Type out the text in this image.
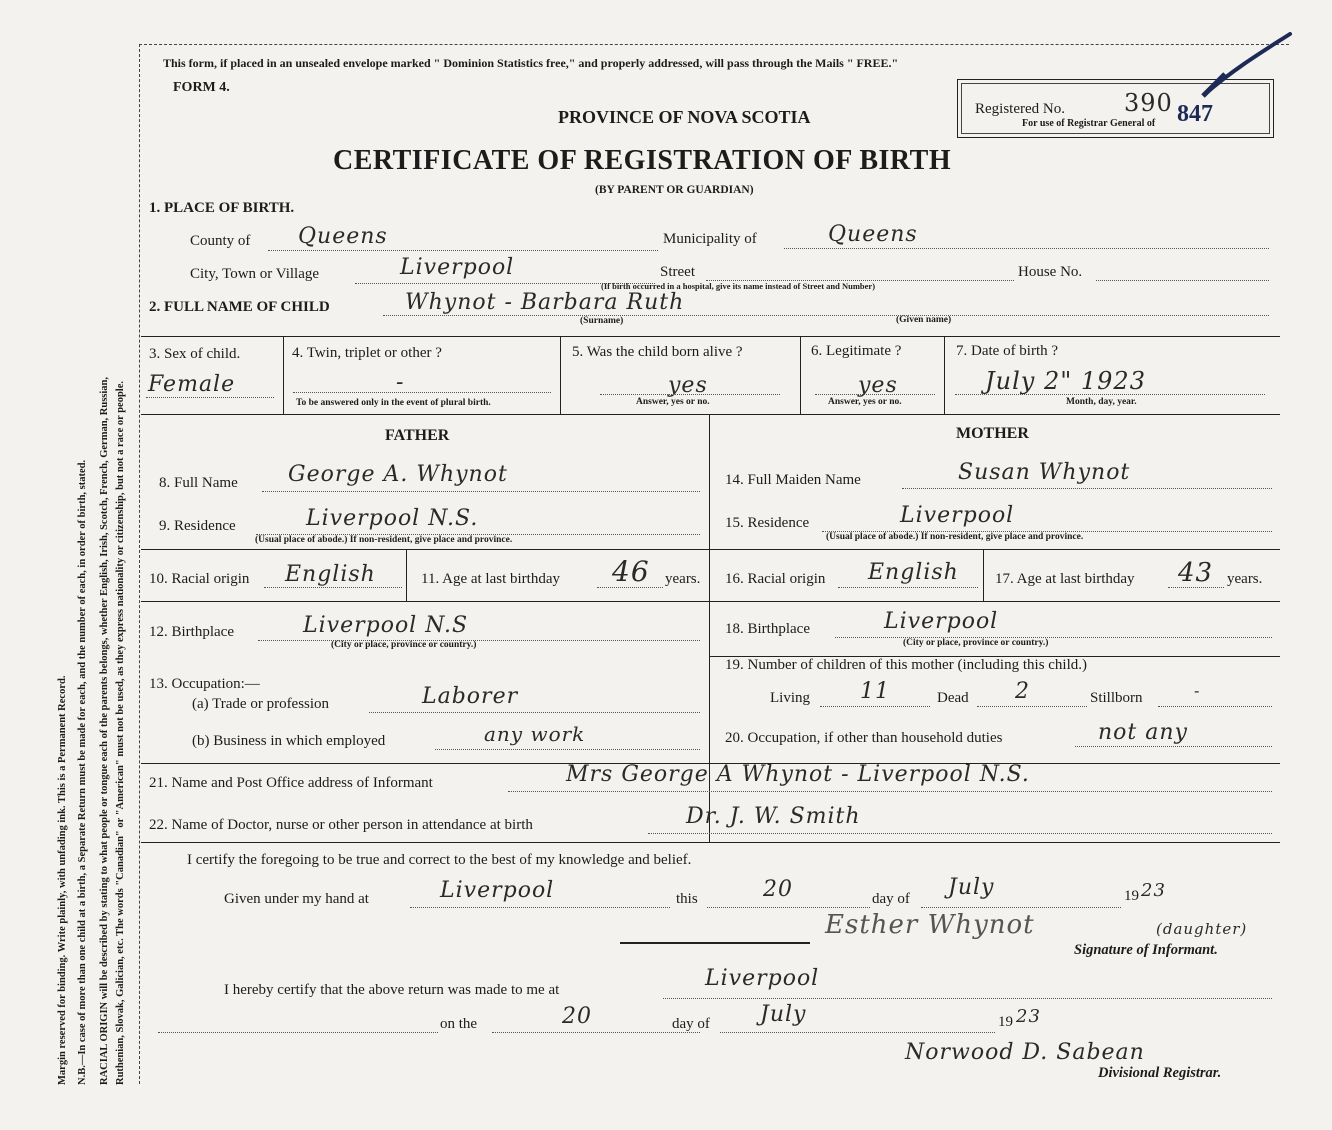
Margin reserved for binding. Write plainly, with unfading ink. This is a Permanent Record. N.B.—In case of more than one child at a birth, a Separate Return must be made for each, and the number of each, in order of birth, stated. RACIAL ORIGIN will be described by stating to what people or tongue each of the parents belongs, whether English, Irish, Scotch, French, German, Russian, Ruthenian, Slovak, Galician, etc. The words "Canadian" or "American" must not be used, as they express nationality or citizenship, but not a race or people.
This form, if placed in an unsealed envelope marked " Dominion Statistics free," and properly addressed, will pass through the Mails " FREE."
FORM 4.
PROVINCE OF NOVA SCOTIA
CERTIFICATE OF REGISTRATION OF BIRTH
(BY PARENT OR GUARDIAN)
Registered No. 390 847
For use of Registrar General of
1. PLACE OF BIRTH.
County of Queens	Municipality of	Queens
City, Town or Village	Liverpool	Street
(If birth occurred in a hospital, give its name instead of Street and Number)
House No.
2. FULL NAME OF CHILD	Whynot - Barbara Ruth
(Surname)	(Given name)
3. Sex of child.
Female
4. Twin, triplet or other ?
-
To be answered only in the event of plural birth.
5. Was the child born alive ?
yes
Answer, yes or no.
6. Legitimate ?
yes
Answer, yes or no.
7. Date of birth ?
July 2" 1923
Month, day, year.
FATHER
8. Full Name George A. Whynot
9. Residence	Liverpool N.S.
(Usual place of abode.) If non-resident, give place and province.
10. Racial origin English	11. Age at last birthday 46 years.
12. Birthplace	Liverpool N.S
(City or place, province or country.)
13. Occupation:—
(a) Trade or profession	Laborer
(b) Business in which employed	any work
MOTHER
14. Full Maiden Name	Susan Whynot
15. Residence	Liverpool
(Usual place of abode.) If non-resident, give place and province.
16. Racial origin English 17. Age at last birthday 43 years.
18. Birthplace	Liverpool
(City or place, province or country.)
19. Number of children of this mother (including this child.)
Living 11	Dead 2	Stillborn	-
20. Occupation, if other than household duties	not any
21. Name and Post Office address of Informant	Mrs George A Whynot - Liverpool N.S.
22. Name of Doctor, nurse or other person in attendance at birth	Dr. J. W. Smith
I certify the foregoing to be true and correct to the best of my knowledge and belief.
Given under my hand at	Liverpool	this	20	day of July	19 23
Esther Whynot	(daughter)
Signature of Informant.
I hereby certify that the above return was made to me at	Liverpool
on the	20	day of July	19 23
Norwood D. Sabean
Divisional Registrar.
